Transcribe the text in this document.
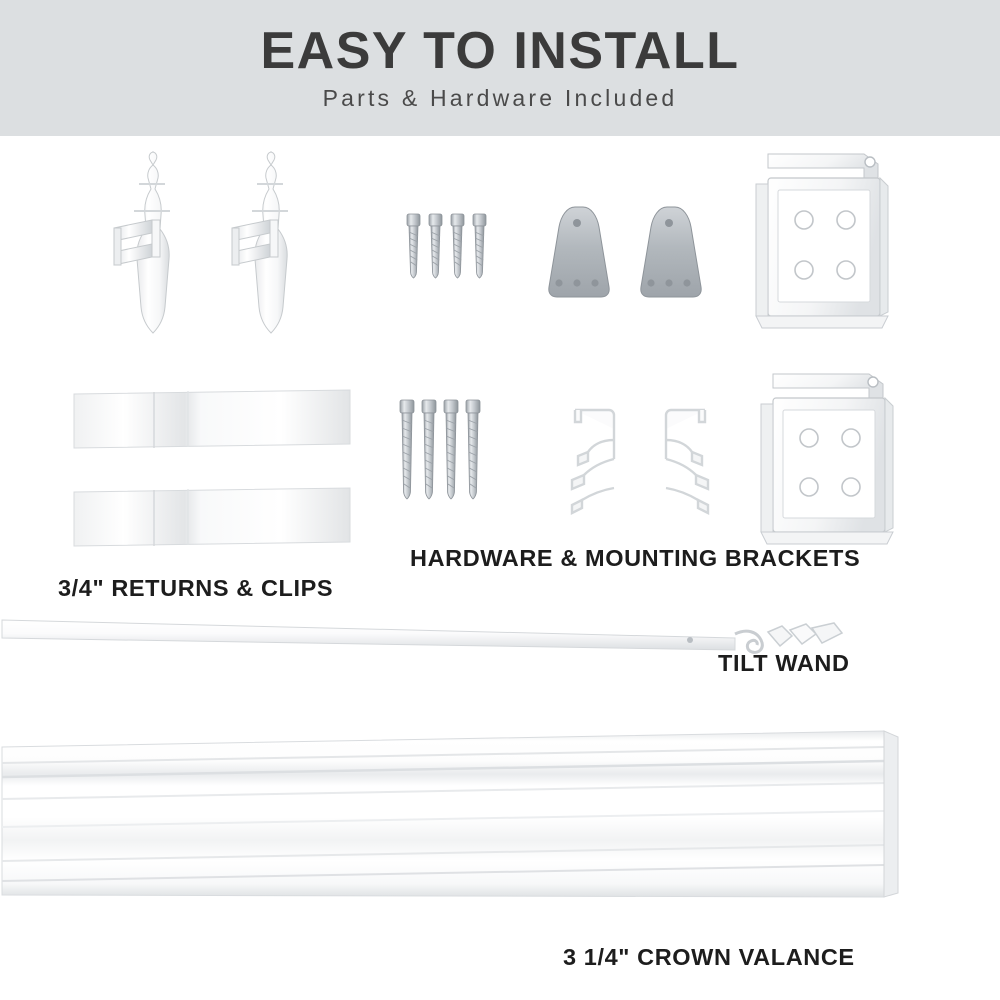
EASY TO INSTALL
Parts & Hardware Included
3/4" RETURNS & CLIPS
HARDWARE & MOUNTING BRACKETS
TILT WAND
3 1/4" CROWN VALANCE
